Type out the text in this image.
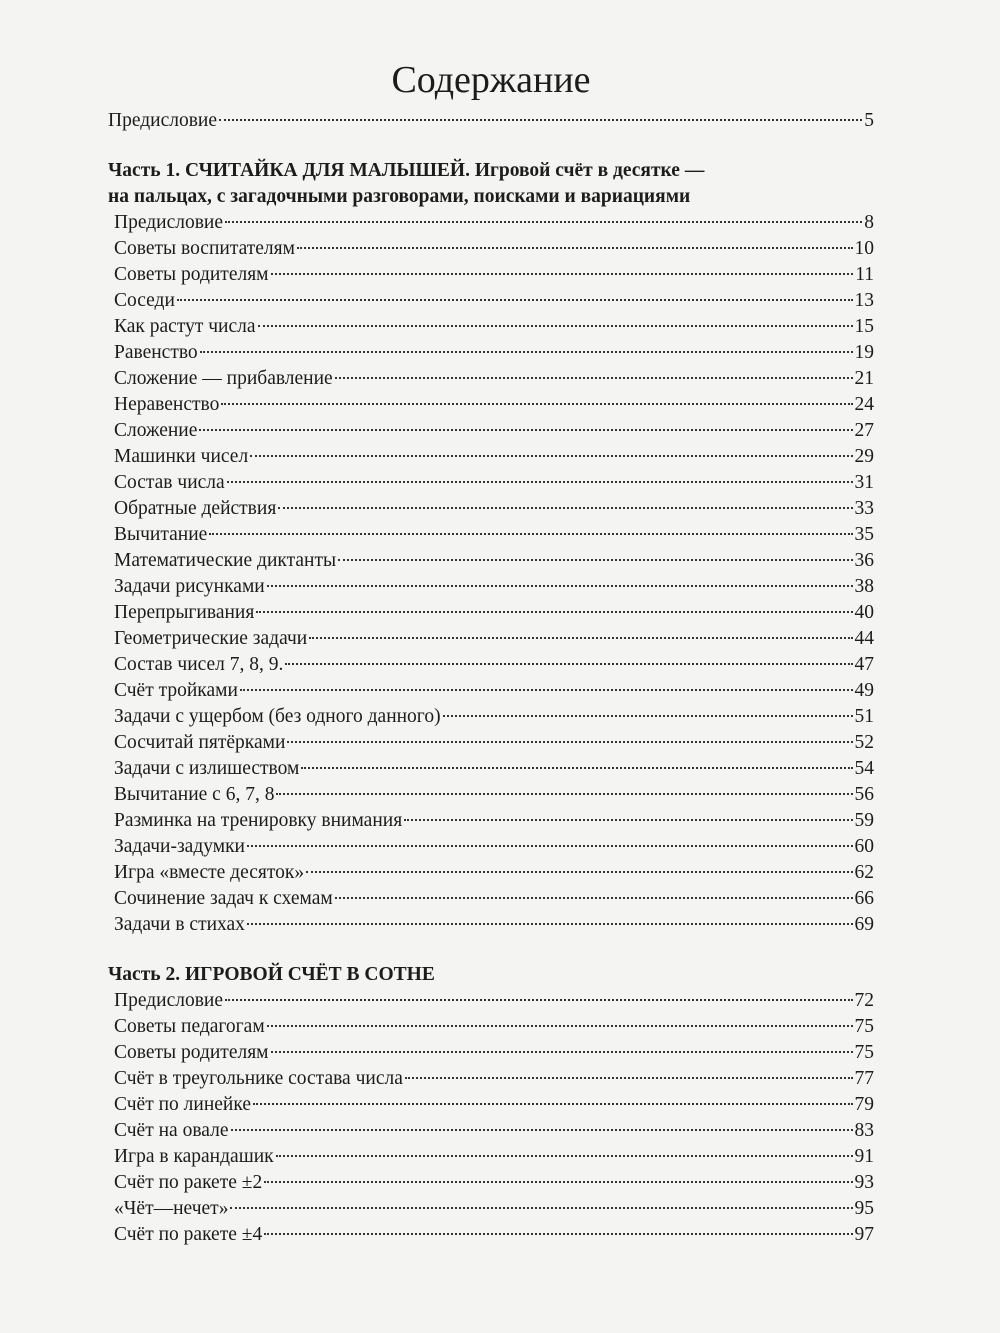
Содержание
Предисловие	5
Часть 1. СЧИТАЙКА ДЛЯ МАЛЫШЕЙ. Игровой счёт в десятке —
на пальцах, с загадочными разговорами, поисками и вариациями
Предисловие	8
Советы воспитателям	10
Советы родителям	11
Соседи	13
Как растут числа	15
Равенство	19
Сложение — прибавление	21
Неравенство	24
Сложение	27
Машинки чисел	29
Состав числа	31
Обратные действия	33
Вычитание	35
Математические диктанты	36
Задачи рисунками	38
Перепрыгивания	40
Геометрические задачи	44
Состав чисел 7, 8, 9.	47
Счёт тройками	49
Задачи с ущербом (без одного данного)	51
Сосчитай пятёрками	52
Задачи с излишеством	54
Вычитание с 6, 7, 8	56
Разминка на тренировку внимания	59
Задачи-задумки	60
Игра «вместе десяток»	62
Сочинение задач к схемам	66
Задачи в стихах	69
Часть 2. ИГРОВОЙ СЧЁТ В СОТНЕ
Предисловие	72
Советы педагогам	75
Советы родителям	75
Счёт в треугольнике состава числа	77
Счёт по линейке	79
Счёт на овале	83
Игра в карандашик	91
Счёт по ракете ±2	93
«Чёт—нечет»	95
Счёт по ракете ±4	97
